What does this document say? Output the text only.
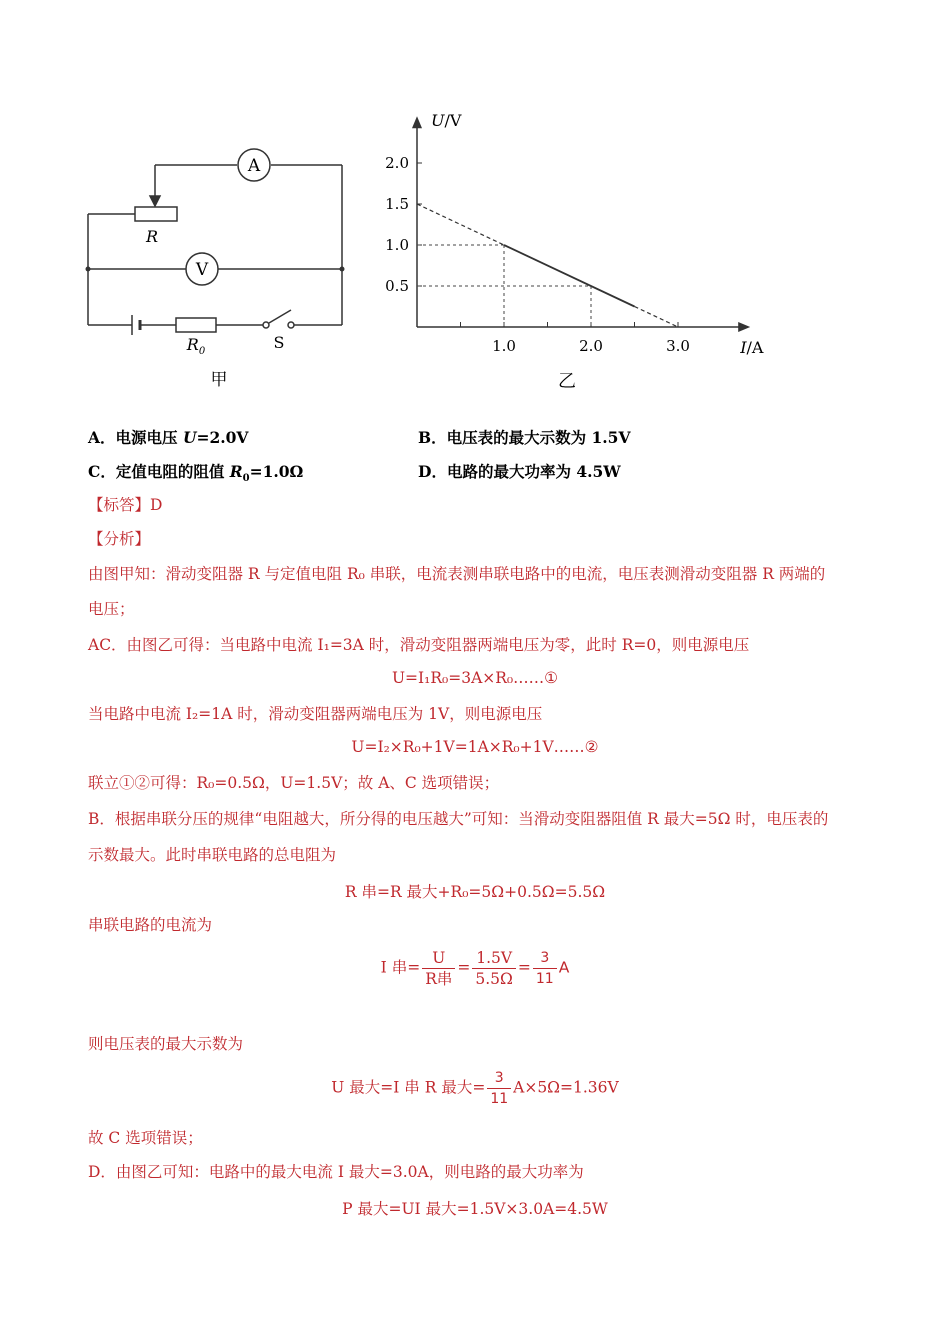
A
V
R
$R_0$	S
甲
1.0	2.0	3.0
0.5
1.0
1.5
2.0
I/A
U/V
乙
A．电源电压 U=2.0V	B．电压表的最大示数为 1.5V
C．定值电阻的阻值 $R_0=1.0\Omega$	D．电路的最大功率为 4.5W
【标答】D
【分析】
由图甲知：滑动变阻器 R 与定值电阻 R₀ 串联，电流表测串联电路中的电流，电压表测滑动变阻器 R 两端的
电压；
AC．由图乙可得：当电路中电流 I₁=3A 时，滑动变阻器两端电压为零，此时 R=0，则电源电压
U=I₁R₀=3A×R₀……①
当电路中电流 I₂=1A 时，滑动变阻器两端电压为 1V，则电源电压
U=I₂×R₀+1V=1A×R₀+1V……②
联立①②可得：R₀=0.5Ω，U=1.5V；故 A、C 选项错误；
B．根据串联分压的规律“电阻越大，所分得的电压越大”可知：当滑动变阻器阻值 R 最大=5Ω 时，电压表的
示数最大。此时串联电路的总电阻为
R 串=R 最大+R₀=5Ω+0.5Ω=5.5Ω
串联电路的电流为
I 串= $\frac{U}{\text{R串}} = \frac{1.5V}{5.5\Omega} = \frac{3}{11}$ A
则电压表的最大示数为
U 最大=I 串 R 最大= $\frac{3}{11} A\times 5\Omega=1.36V$
故 C 选项错误；
D．由图乙可知：电路中的最大电流 I 最大=3.0A，则电路的最大功率为
P 最大=UI 最大=1.5V×3.0A=4.5W
